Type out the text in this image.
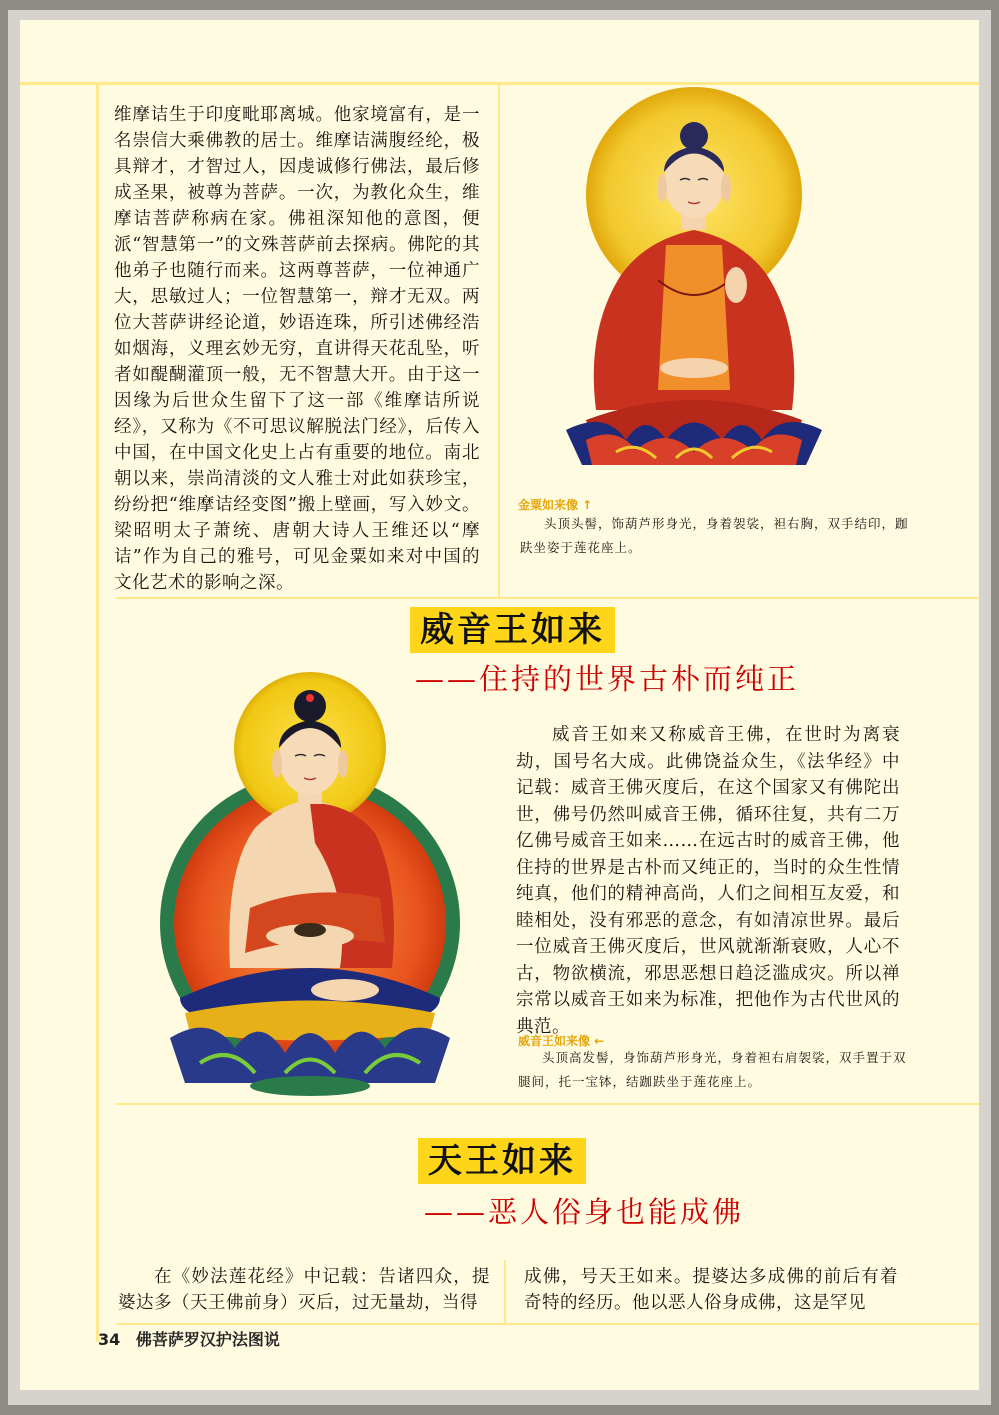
维摩诘生于印度毗耶离城。他家境富有，是一名崇信大乘佛教的居士。维摩诘满腹经纶，极具辩才，才智过人，因虔诚修行佛法，最后修成圣果，被尊为菩萨。一次，为教化众生，维摩诘菩萨称病在家。佛祖深知他的意图，便派“智慧第一”的文殊菩萨前去探病。佛陀的其他弟子也随行而来。这两尊菩萨，一位神通广大，思敏过人；一位智慧第一，辩才无双。两位大菩萨讲经论道，妙语连珠，所引述佛经浩如烟海，义理玄妙无穷，直讲得天花乱坠，听者如醍醐灌顶一般，无不智慧大开。由于这一因缘为后世众生留下了这一部《维摩诘所说经》，又称为《不可思议解脱法门经》，后传入中国，在中国文化史上占有重要的地位。南北朝以来，崇尚清淡的文人雅士对此如获珍宝，纷纷把“维摩诘经变图”搬上壁画，写入妙文。梁昭明太子萧统、唐朝大诗人王维还以“摩诘”作为自己的雅号，可见金粟如来对中国的文化艺术的影响之深。
金粟如来像 ↑
头顶头髻，饰葫芦形身光，身着袈裟，袒右胸，双手结印，跏趺坐姿于莲花座上。
威音王如来
——住持的世界古朴而纯正
威音王如来又称威音王佛，在世时为离衰劫，国号名大成。此佛饶益众生，《法华经》中记载：威音王佛灭度后，在这个国家又有佛陀出世，佛号仍然叫威音王佛，循环往复，共有二万亿佛号威音王如来……在远古时的威音王佛，他住持的世界是古朴而又纯正的，当时的众生性情纯真，他们的精神高尚，人们之间相互友爱，和睦相处，没有邪恶的意念，有如清凉世界。最后一位威音王佛灭度后，世风就渐渐衰败，人心不古，物欲横流，邪思恶想日趋泛滥成灾。所以禅宗常以威音王如来为标准，把他作为古代世风的典范。
威音王如来像 ←
头顶高发髻，身饰葫芦形身光，身着袒右肩袈裟，双手置于双腿间，托一宝钵，结跏趺坐于莲花座上。
天王如来
——恶人俗身也能成佛
在《妙法莲花经》中记载：告诸四众，提婆达多（天王佛前身）灭后，过无量劫，当得
成佛，号天王如来。提婆达多成佛的前后有着奇特的经历。他以恶人俗身成佛，这是罕见
34 佛菩萨罗汉护法图说
